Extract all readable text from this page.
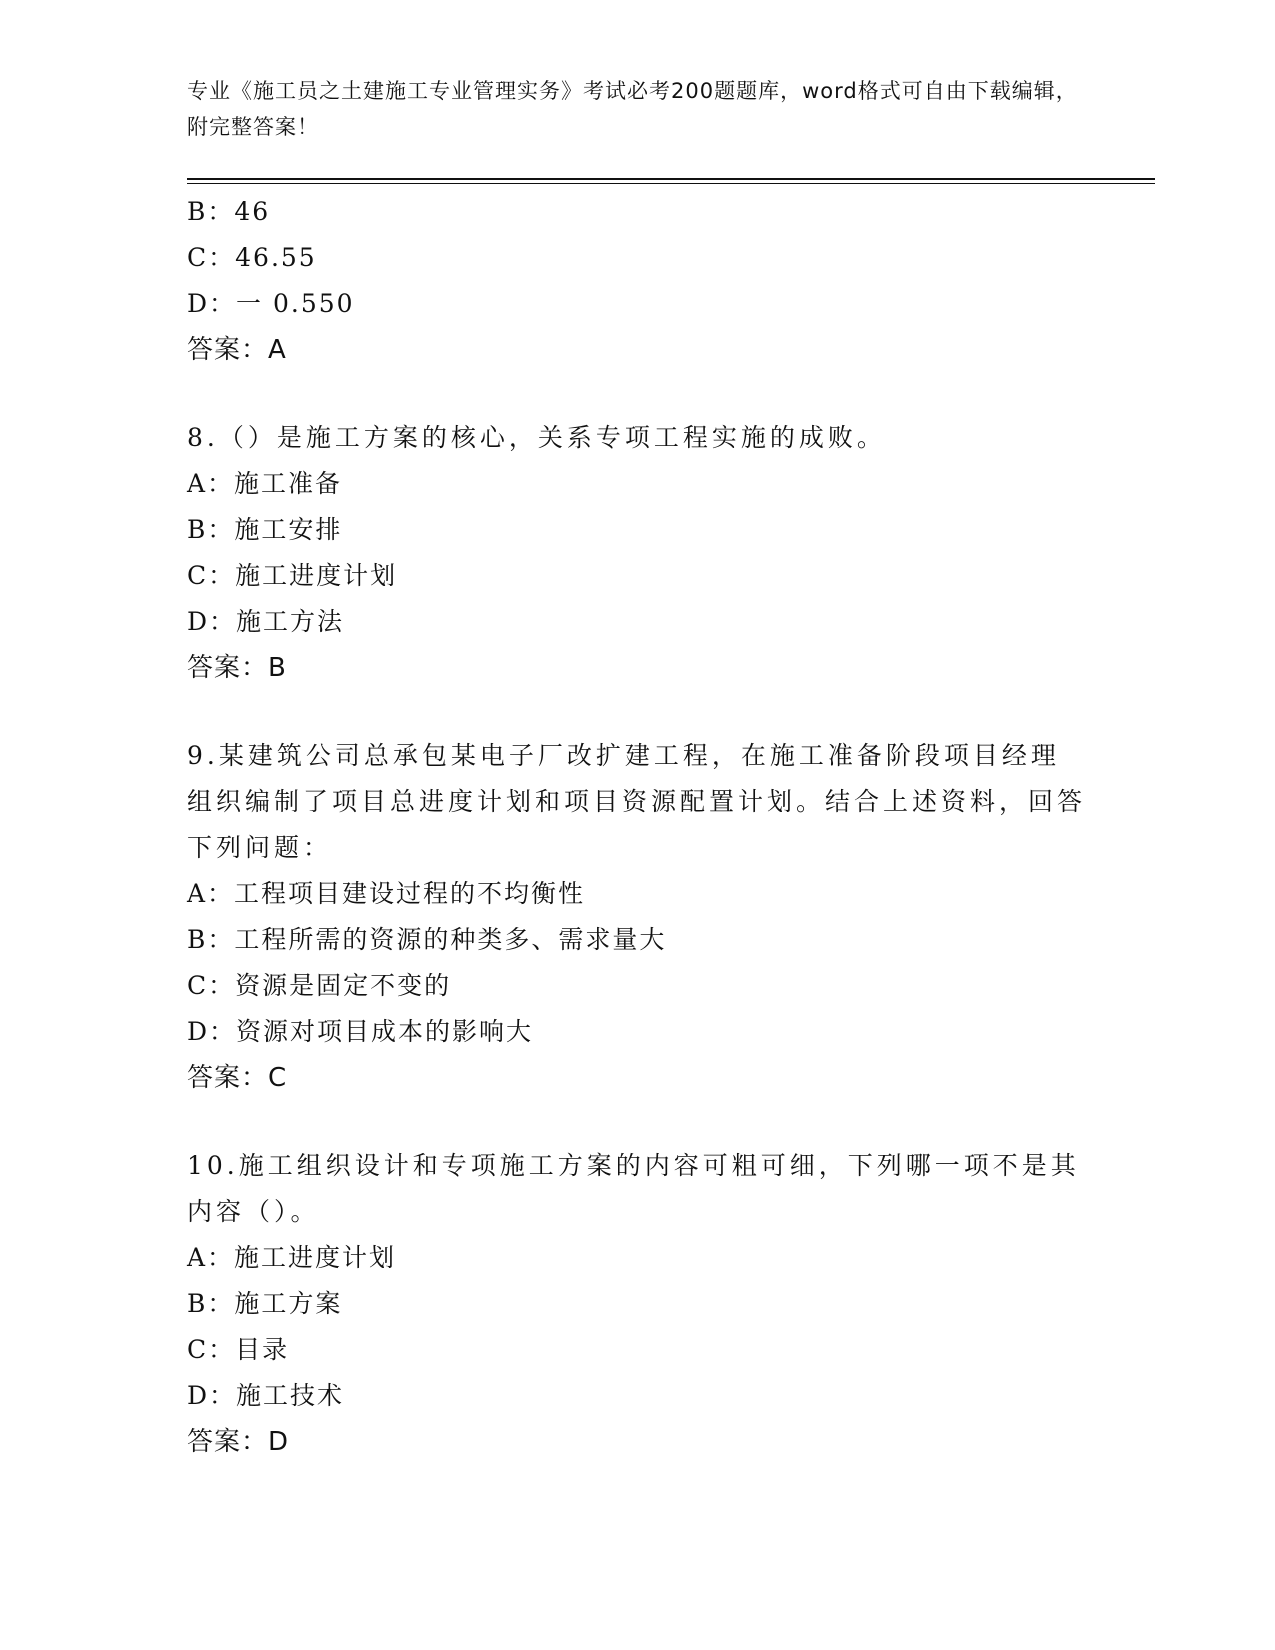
专业《施工员之土建施工专业管理实务》考试必考200题题库，word格式可自由下载编辑，附完整答案！
B：46
C：46.55
D：一 0.550
答案：A
8.（）是施工方案的核心，关系专项工程实施的成败。
A：施工准备
B：施工安排
C：施工进度计划
D：施工方法
答案：B
9.某建筑公司总承包某电子厂改扩建工程，在施工准备阶段项目经理组织编制了项目总进度计划和项目资源配置计划。结合上述资料，回答下列问题：
A：工程项目建设过程的不均衡性
B：工程所需的资源的种类多、需求量大
C：资源是固定不变的
D：资源对项目成本的影响大
答案：C
10.施工组织设计和专项施工方案的内容可粗可细，下列哪一项不是其内容（）。
A：施工进度计划
B：施工方案
C：目录
D：施工技术
答案：D
